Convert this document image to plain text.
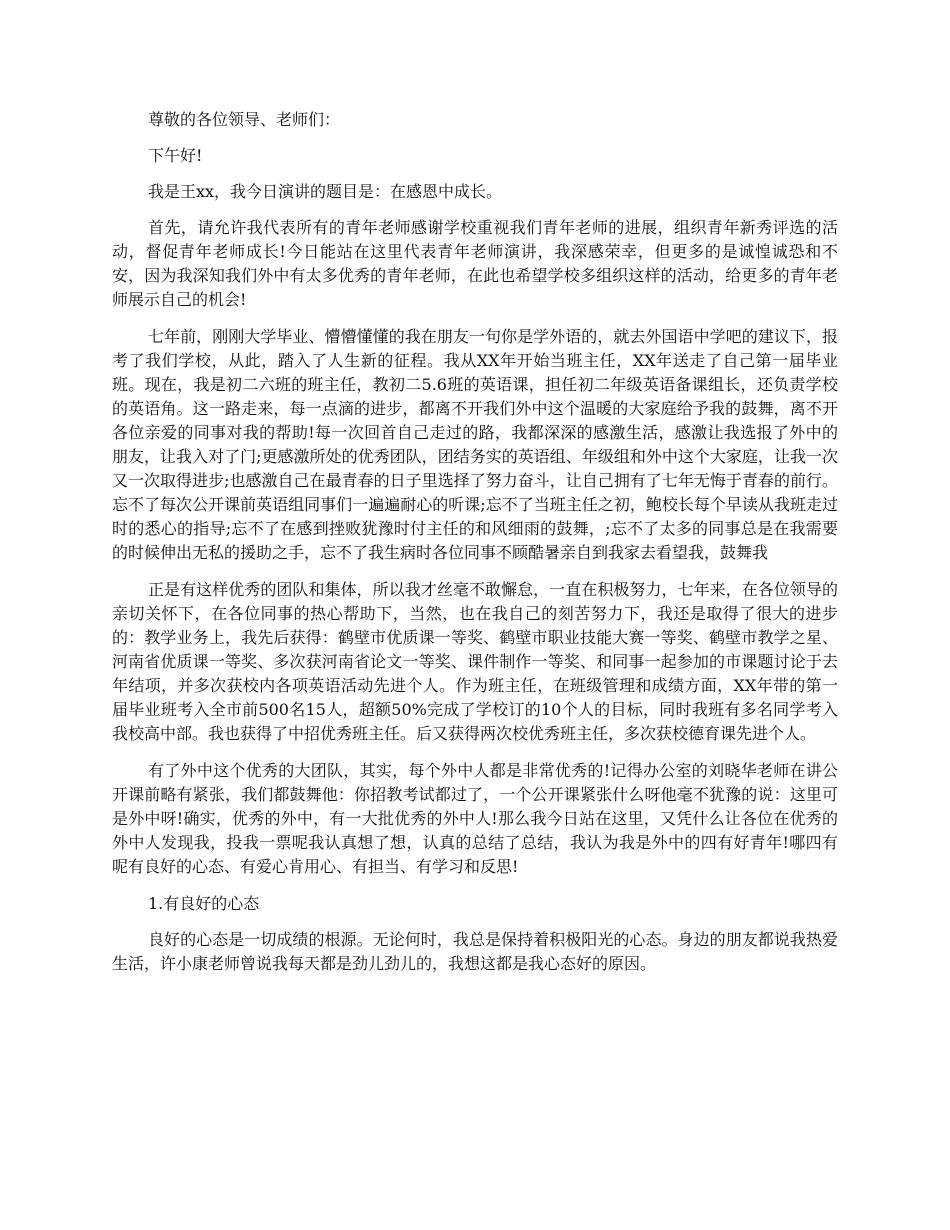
尊敬的各位领导、老师们：

下午好!

我是王xx，我今日演讲的题目是：在感恩中成长。

首先，请允许我代表所有的青年老师感谢学校重视我们青年老师的进展，组织青年新秀评选的活动，督促青年老师成长!今日能站在这里代表青年老师演讲，我深感荣幸，但更多的是诚惶诚恐和不安，因为我深知我们外中有太多优秀的青年老师，在此也希望学校多组织这样的活动，给更多的青年老师展示自己的机会!

七年前，刚刚大学毕业、懵懵懂懂的我在朋友一句你是学外语的，就去外国语中学吧的建议下，报考了我们学校，从此，踏入了人生新的征程。我从XX年开始当班主任，XX年送走了自己第一届毕业班。现在，我是初二六班的班主任，教初二5.6班的英语课，担任初二年级英语备课组长，还负责学校的英语角。这一路走来，每一点滴的进步，都离不开我们外中这个温暖的大家庭给予我的鼓舞，离不开各位亲爱的同事对我的帮助!每一次回首自己走过的路，我都深深的感激生活，感激让我选报了外中的朋友，让我入对了门;更感激所处的优秀团队，团结务实的英语组、年级组和外中这个大家庭，让我一次又一次取得进步;也感激自己在最青春的日子里选择了努力奋斗，让自己拥有了七年无悔于青春的前行。忘不了每次公开课前英语组同事们一遍遍耐心的听课;忘不了当班主任之初，鲍校长每个早读从我班走过时的悉心的指导;忘不了在感到挫败犹豫时付主任的和风细雨的鼓舞，;忘不了太多的同事总是在我需要的时候伸出无私的援助之手，忘不了我生病时各位同事不顾酷暑亲自到我家去看望我，鼓舞我

正是有这样优秀的团队和集体，所以我才丝毫不敢懈怠，一直在积极努力，七年来，在各位领导的亲切关怀下，在各位同事的热心帮助下，当然，也在我自己的刻苦努力下，我还是取得了很大的进步的：教学业务上，我先后获得：鹤壁市优质课一等奖、鹤壁市职业技能大赛一等奖、鹤壁市教学之星、河南省优质课一等奖、多次获河南省论文一等奖、课件制作一等奖、和同事一起参加的市课题讨论于去年结项，并多次获校内各项英语活动先进个人。作为班主任，在班级管理和成绩方面，XX年带的第一届毕业班考入全市前500名15人，超额50%完成了学校订的10个人的目标，同时我班有多名同学考入我校高中部。我也获得了中招优秀班主任。后又获得两次校优秀班主任，多次获校德育课先进个人。

有了外中这个优秀的大团队，其实，每个外中人都是非常优秀的!记得办公室的刘晓华老师在讲公开课前略有紧张，我们都鼓舞他：你招教考试都过了，一个公开课紧张什么呀他毫不犹豫的说：这里可是外中呀!确实，优秀的外中，有一大批优秀的外中人!那么我今日站在这里，又凭什么让各位在优秀的外中人发现我，投我一票呢我认真想了想，认真的总结了总结，我认为我是外中的四有好青年!哪四有呢有良好的心态、有爱心肯用心、有担当、有学习和反思!

1.有良好的心态

良好的心态是一切成绩的根源。无论何时，我总是保持着积极阳光的心态。身边的朋友都说我热爱生活，许小康老师曾说我每天都是劲儿劲儿的，我想这都是我心态好的原因。
